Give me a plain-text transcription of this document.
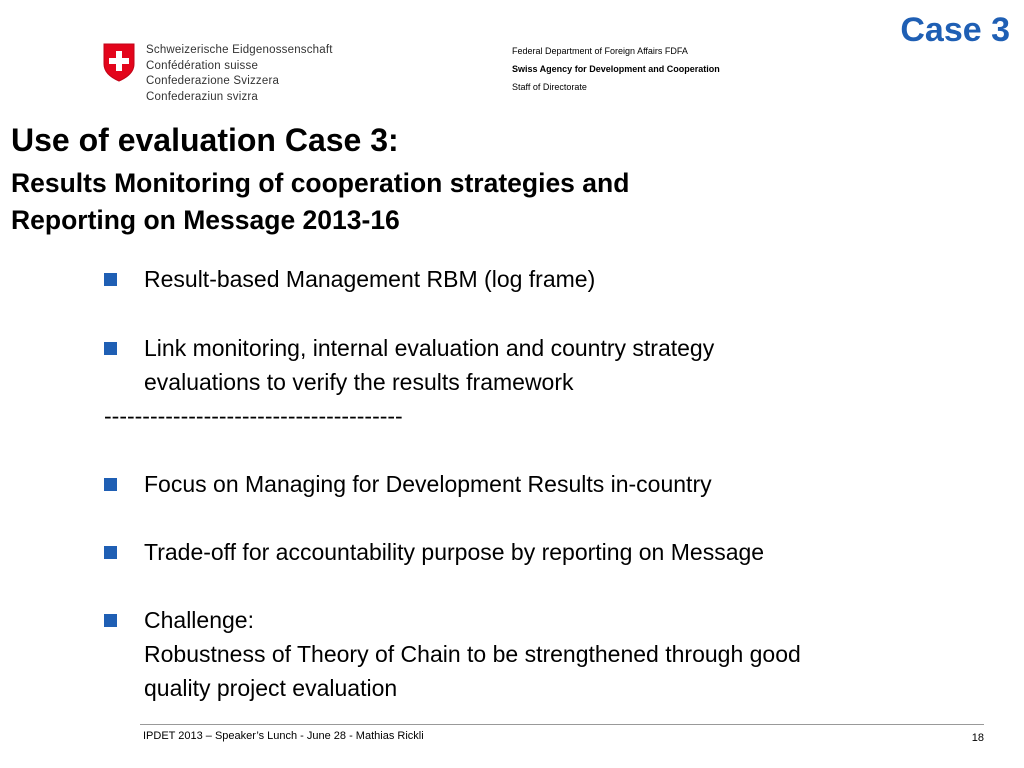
Case 3
Schweizerische Eidgenossenschaft
Confédération suisse
Confederazione Svizzera
Confederaziun svizra
Federal Department of Foreign Affairs FDFA
Swiss Agency for Development and Cooperation
Staff of Directorate
Use of evaluation Case 3:
Results Monitoring of cooperation strategies and
Reporting on Message 2013-16
Result-based Management RBM (log frame)
Link monitoring, internal evaluation and country strategy
evaluations to verify the results framework
---------------------------------------
Focus on Managing for Development Results in-country
Trade-off for accountability purpose by reporting on Message
Challenge:
Robustness of Theory of Chain to be strengthened through good
quality project evaluation
IPDET 2013 – Speaker’s Lunch - June 28 - Mathias Rickli	18
